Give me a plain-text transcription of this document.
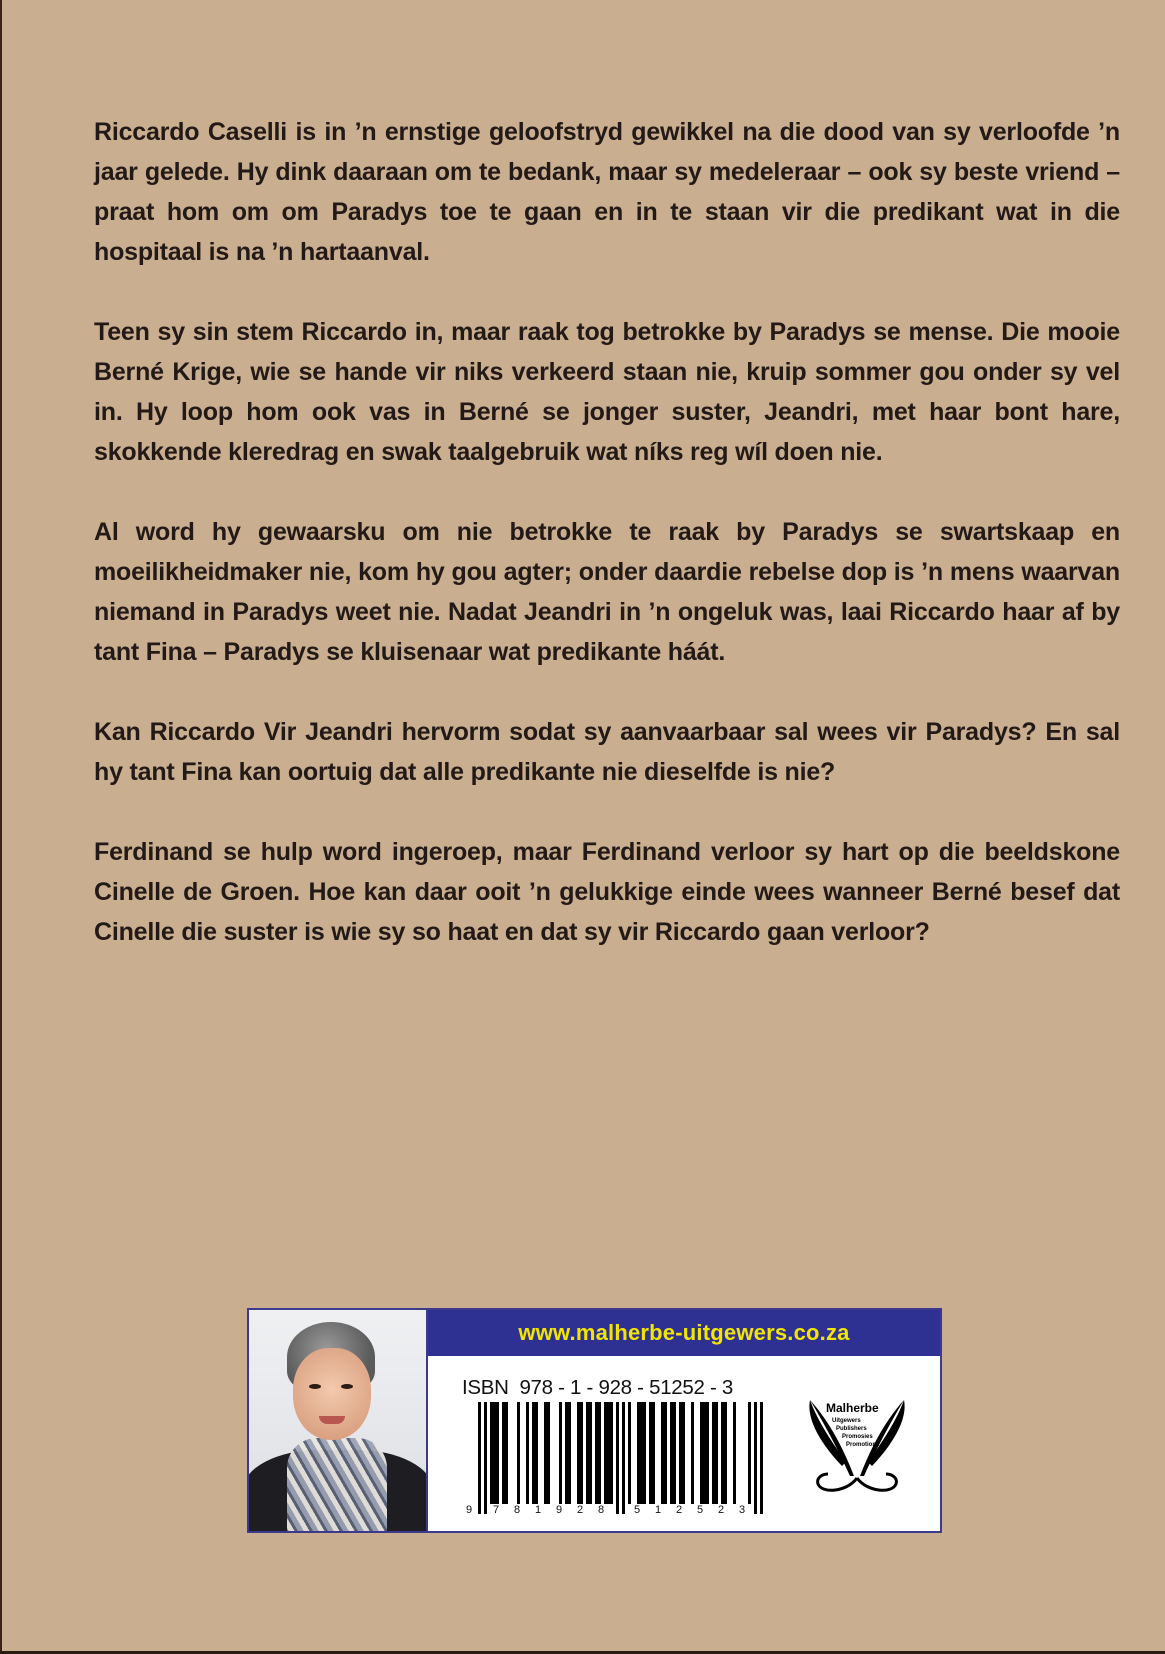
Riccardo Caselli is in ’n ernstige geloofstryd gewikkel na die dood van sy verloofde ’n jaar gelede. Hy dink daaraan om te bedank, maar sy medeleraar – ook sy beste vriend – praat hom om om Paradys toe te gaan en in te staan vir die predikant wat in die hospitaal is na ’n hartaanval.

Teen sy sin stem Riccardo in, maar raak tog betrokke by Paradys se mense. Die mooie Berné Krige, wie se hande vir niks verkeerd staan nie, kruip sommer gou onder sy vel in. Hy loop hom ook vas in Berné se jonger suster, Jeandri, met haar bont hare, skokkende kleredrag en swak taalgebruik wat níks reg wíl doen nie.

Al word hy gewaarsku om nie betrokke te raak by Paradys se swartskaap en moeilikheidmaker nie, kom hy gou agter; onder daardie rebelse dop is ’n mens waarvan niemand in Paradys weet nie. Nadat Jeandri in ’n ongeluk was, laai Riccardo haar af by tant Fina – Paradys se kluisenaar wat predikante háát.

Kan Riccardo Vir Jeandri hervorm sodat sy aanvaarbaar sal wees vir Paradys? En sal hy tant Fina kan oortuig dat alle predikante nie dieselfde is nie?

Ferdinand se hulp word ingeroep, maar Ferdinand verloor sy hart op die beeldskone Cinelle de Groen. Hoe kan daar ooit ’n gelukkige einde wees wanneer Berné besef dat Cinelle die suster is wie sy so haat en dat sy vir Riccardo gaan verloor?

www.malherbe-uitgewers.co.za
ISBN  978 - 1 - 928 - 51252 - 3
9 7 8 1 9 2 8	5 1 2 5 2 3
Malherbe
Uitgewers
Publishers
Promosies
Promotions
